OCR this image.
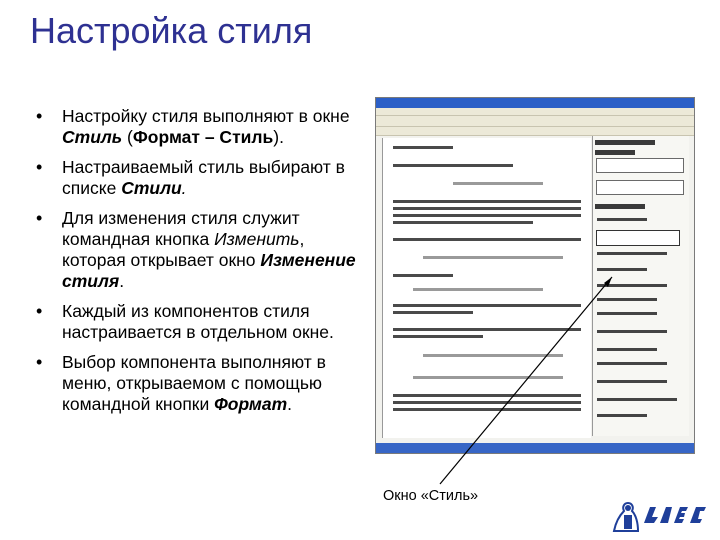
Настройка стиля
• Настройку стиля выполняют в окне Стиль (Формат – Стиль).
• Настраиваемый стиль выбирают в списке Стили.
• Для изменения стиля служит командная кнопка Изменить, которая открывает окно Изменение стиля.
• Каждый из компонентов стиля настраивается в отдельном окне.
• Выбор компонента выполняют в меню, открываемом с помощью командной кнопки Формат.
Окно «Стиль»
